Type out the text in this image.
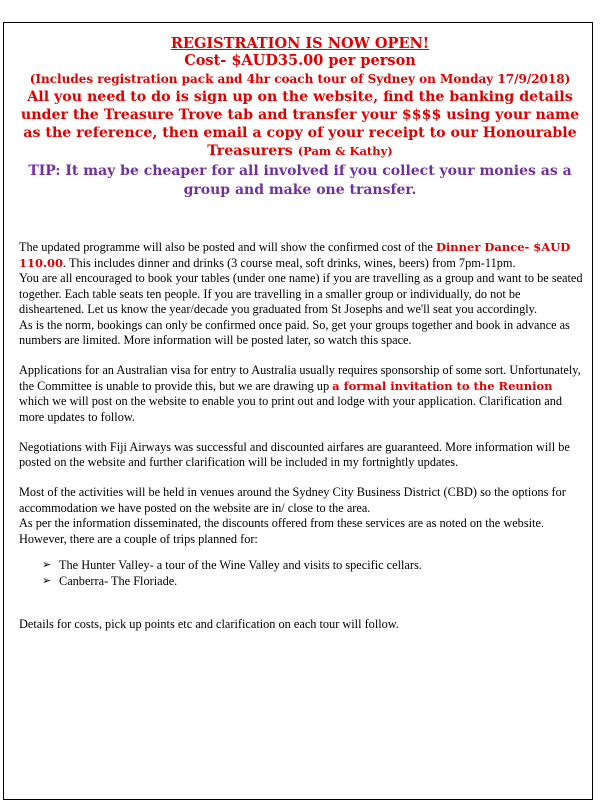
REGISTRATION IS NOW OPEN!
Cost- $AUD35.00 per person
(Includes registration pack and 4hr coach tour of Sydney on Monday 17/9/2018)
All you need to do is sign up on the website, find the banking details under the Treasure Trove tab and transfer your $$$$ using your name as the reference, then email a copy of your receipt to our Honourable Treasurers (Pam & Kathy)
TIP: It may be cheaper for all involved if you collect your monies as a group and make one transfer.

The updated programme will also be posted and will show the confirmed cost of the Dinner Dance- $AUD 110.00. This includes dinner and drinks (3 course meal, soft drinks, wines, beers) from 7pm-11pm.

You are all encouraged to book your tables (under one name) if you are travelling as a group and want to be seated together. Each table seats ten people. If you are travelling in a smaller group or individually, do not be disheartened. Let us know the year/decade you graduated from St Josephs and we'll seat you accordingly.

As is the norm, bookings can only be confirmed once paid. So, get your groups together and book in advance as numbers are limited. More information will be posted later, so watch this space.

Applications for an Australian visa for entry to Australia usually requires sponsorship of some sort. Unfortunately, the Committee is unable to provide this, but we are drawing up a formal invitation to the Reunion which we will post on the website to enable you to print out and lodge with your application. Clarification and more updates to follow.

Negotiations with Fiji Airways was successful and discounted airfares are guaranteed. More information will be posted on the website and further clarification will be included in my fortnightly updates.

Most of the activities will be held in venues around the Sydney City Business District (CBD) so the options for accommodation we have posted on the website are in/ close to the area.

As per the information disseminated, the discounts offered from these services are as noted on the website.

However, there are a couple of trips planned for:

➢ The Hunter Valley- a tour of the Wine Valley and visits to specific cellars.
➢ Canberra- The Floriade.

Details for costs, pick up points etc and clarification on each tour will follow.
